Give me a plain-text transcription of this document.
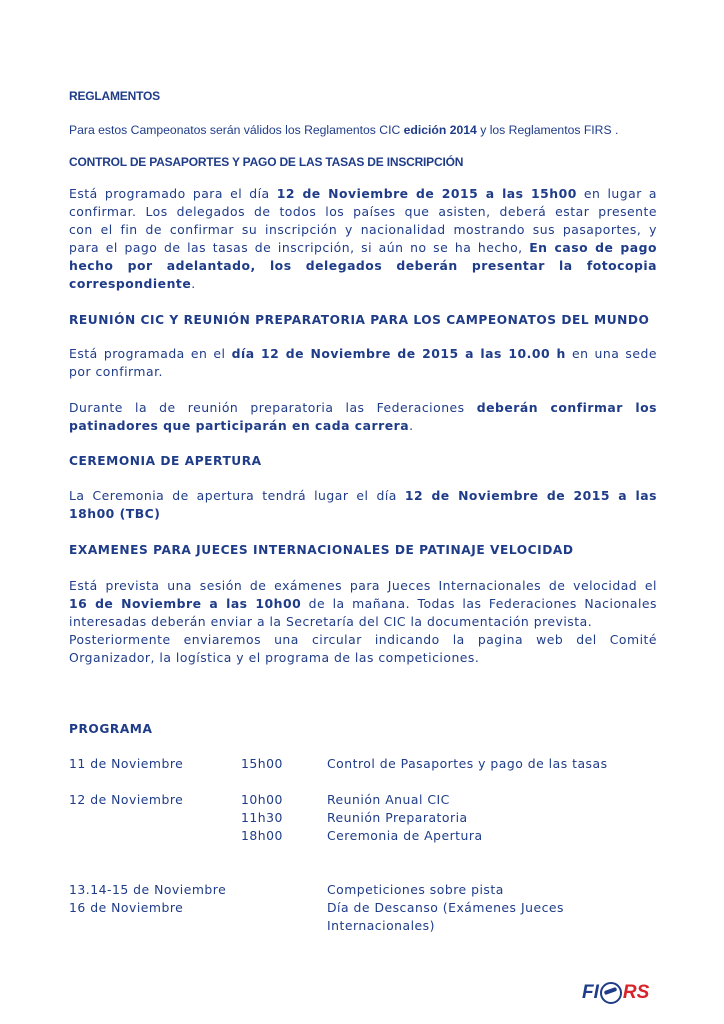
REGLAMENTOS
Para estos Campeonatos serán válidos los Reglamentos CIC edición 2014 y los Reglamentos FIRS .
CONTROL DE PASAPORTES Y PAGO DE LAS TASAS DE INSCRIPCIÓN
Está programado para el día 12 de Noviembre de 2015 a las 15h00 en lugar a
confirmar. Los delegados de todos los países que asisten, deberá estar presente
con el fin de confirmar su inscripción y nacionalidad mostrando sus pasaportes, y
para el pago de las tasas de inscripción, si aún no se ha hecho, En caso de pago
hecho por adelantado, los delegados deberán presentar la fotocopia
correspondiente.
REUNIÓN CIC Y REUNIÓN PREPARATORIA PARA LOS CAMPEONATOS DEL MUNDO
Está programada en el día 12 de Noviembre de 2015 a las 10.00 h en una sede
por confirmar.
Durante la de reunión preparatoria las Federaciones deberán confirmar los
patinadores que participarán en cada carrera.
CEREMONIA DE APERTURA
La Ceremonia de apertura tendrá lugar el día 12 de Noviembre de 2015 a las
18h00 (TBC)
EXAMENES PARA JUECES INTERNACIONALES DE PATINAJE VELOCIDAD
Está prevista una sesión de exámenes para Jueces Internacionales de velocidad el
16 de Noviembre a las 10h00 de la mañana. Todas las Federaciones Nacionales
interesadas deberán enviar a la Secretaría del CIC la documentación prevista.
Posteriormente enviaremos una circular indicando la pagina web del Comité
Organizador, la logística y el programa de las competiciones.
PROGRAMA
11 de Noviembre	15h00	Control de Pasaportes y pago de las tasas
12 de Noviembre	10h00	Reunión Anual CIC
11h30	Reunión Preparatoria
18h00	Ceremonia de Apertura
13.14-15 de Noviembre	Competiciones sobre pista
16 de Noviembre	Día de Descanso (Exámenes Jueces
Internacionales)
FI RS
